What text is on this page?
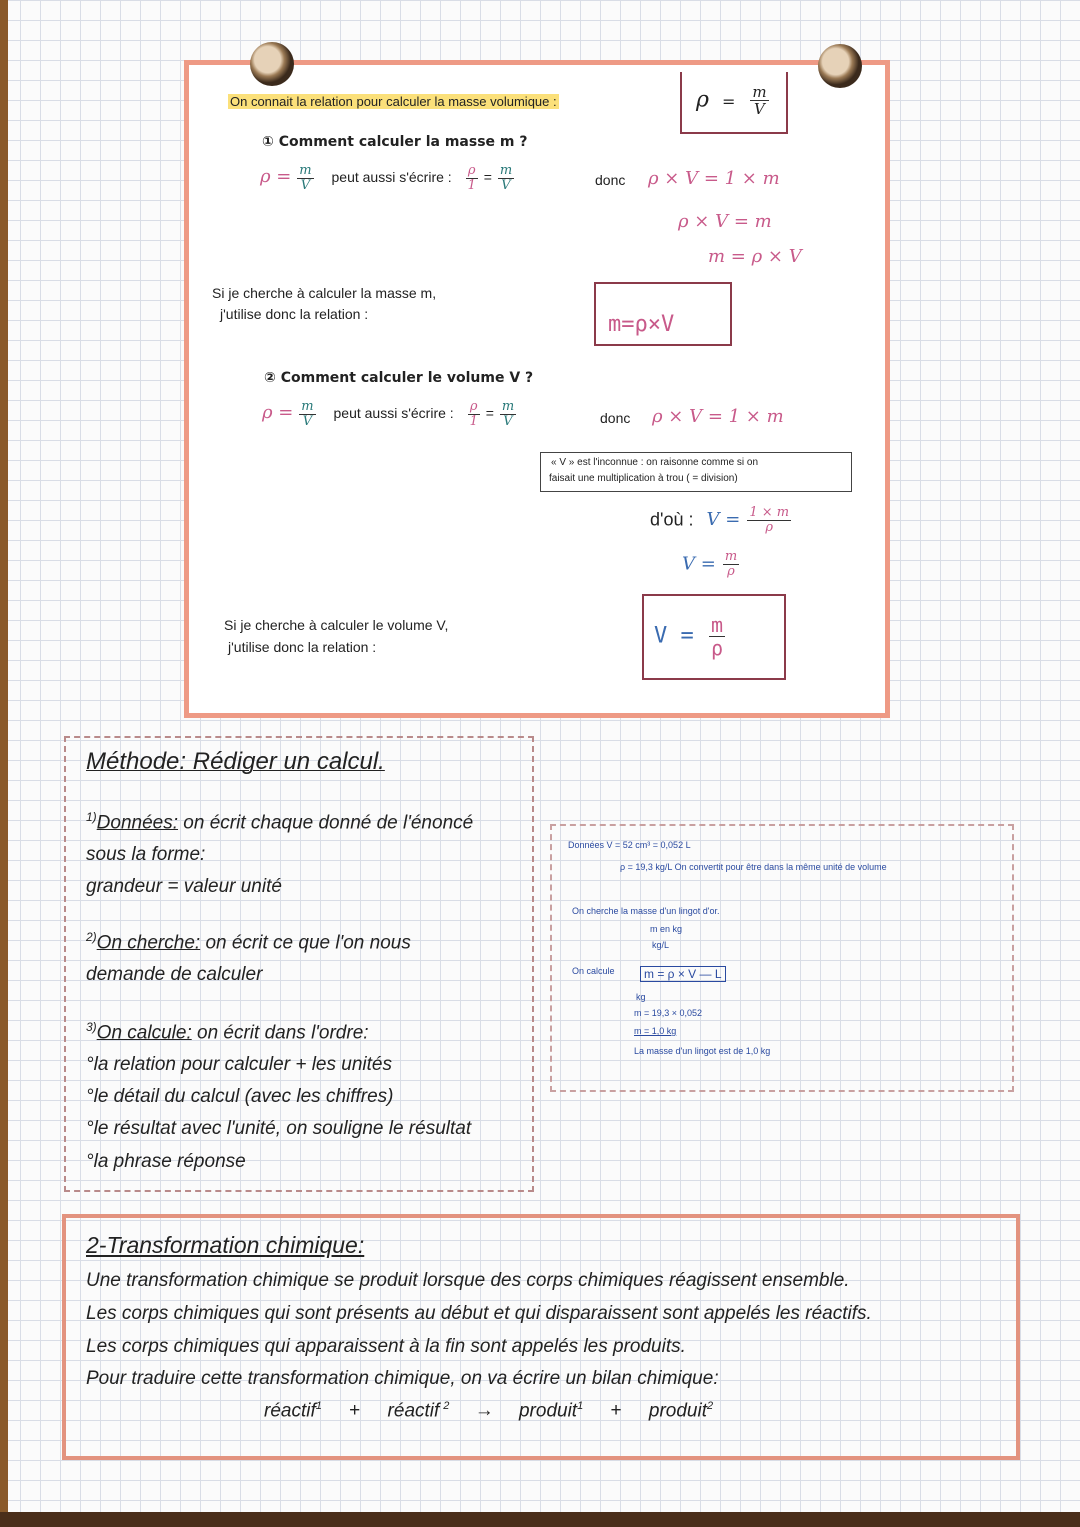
On connait la relation pour calculer la masse volumique :	$\rho = \frac{m}{V}$
① Comment calculer la masse m ?
$\rho = \frac{m}{V}$ peut aussi s'écrire : $\frac{\rho}{1} = \frac{m}{V}$	donc ρ × V = 1 × m
ρ × V = m
m = ρ × V
Si je cherche à calculer la masse m,
j'utilise donc la relation :	m=ρ×V
② Comment calculer le volume V ?
$\rho = \frac{m}{V}$ peut aussi s'écrire : $\frac{\rho}{1} = \frac{m}{V}$	donc ρ × V = 1 × m
« V » est l'inconnue : on raisonne comme si on
faisait une multiplication à trou ( = division)
d'où : $V = \frac{1 \times m}{\rho}$
$V = \frac{m}{\rho}$
Si je cherche à calculer le volume V,
j'utilise donc la relation :	$V = \frac{m}{\rho}$
Méthode: Rédiger un calcul.
$^{1)}$Données: on écrit chaque donné de l'énoncé
sous la forme:
grandeur = valeur unité
$^{2)}$On cherche: on écrit ce que l'on nous
demande de calculer
$^{3)}$On calcule: on écrit dans l'ordre:
°la relation pour calculer + les unités
°le détail du calcul (avec les chiffres)
°le résultat avec l'unité, on souligne le résultat
°la phrase réponse
Données V = 52 cm³ = 0,052 L
ρ = 19,3 kg/L On convertit pour être dans la même unité de volume
On cherche la masse d'un lingot d'or.
m en kg
kg/L
On calcule	m = ρ × V — L
kg
m = 19,3 × 0,052
m = 1,0 kg
La masse d'un lingot est de 1,0 kg
2-Transformation chimique:
Une transformation chimique se produit lorsque des corps chimiques réagissent ensemble.
Les corps chimiques qui sont présents au début et qui disparaissent sont appelés les réactifs.
Les corps chimiques qui apparaissent à la fin sont appelés les produits.
Pour traduire cette transformation chimique, on va écrire un bilan chimique:
réactif$^1$ + réactif $^2$ → produit$^1$ + produit$^2$
